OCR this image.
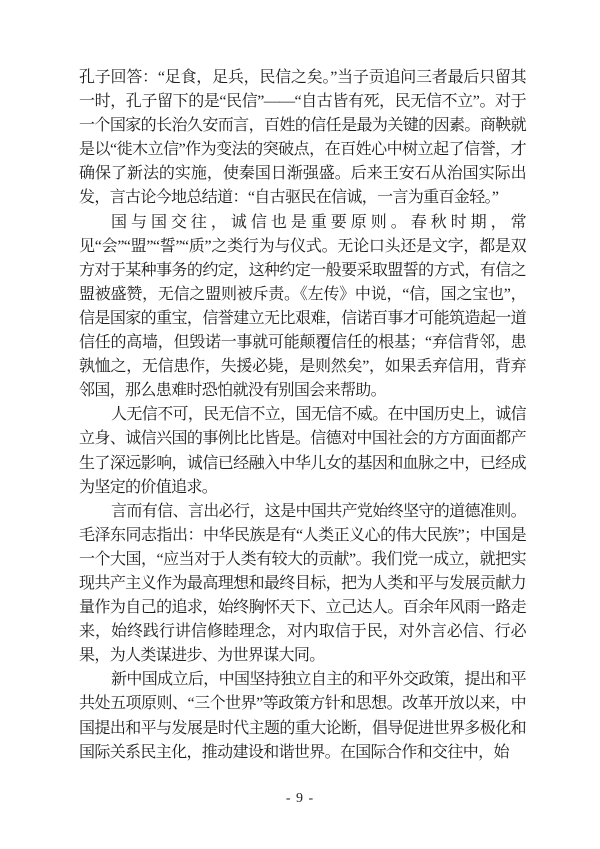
孔子回答：“足食，足兵，民信之矣。”当子贡追问三者最后只留其一时，孔子留下的是“民信”——“自古皆有死，民无信不立”。对于一个国家的长治久安而言，百姓的信任是最为关键的因素。商鞅就是以“徙木立信”作为变法的突破点，在百姓心中树立起了信誉，才确保了新法的实施，使秦国日渐强盛。后来王安石从治国实际出发，言古论今地总结道：“自古驱民在信诚，一言为重百金轻。”

国与国交往，诚信也是重要原则。春秋时期，常见“会”“盟”“誓”“质”之类行为与仪式。无论口头还是文字，都是双方对于某种事务的约定，这种约定一般要采取盟誓的方式，有信之盟被盛赞，无信之盟则被斥责。《左传》中说，“信，国之宝也”，信是国家的重宝，信誉建立无比艰难，信诺百事才可能筑造起一道信任的高墙，但毁诺一事就可能颠覆信任的根基；“弃信背邻，患孰恤之，无信患作，失援必毙，是则然矣”，如果丢弃信用，背弃邻国，那么患难时恐怕就没有别国会来帮助。

人无信不可，民无信不立，国无信不威。在中国历史上，诚信立身、诚信兴国的事例比比皆是。信德对中国社会的方方面面都产生了深远影响，诚信已经融入中华儿女的基因和血脉之中，已经成为坚定的价值追求。

言而有信、言出必行，这是中国共产党始终坚守的道德准则。毛泽东同志指出：中华民族是有“人类正义心的伟大民族”；中国是一个大国，“应当对于人类有较大的贡献”。我们党一成立，就把实现共产主义作为最高理想和最终目标，把为人类和平与发展贡献力量作为自己的追求，始终胸怀天下、立己达人。百余年风雨一路走来，始终践行讲信修睦理念，对内取信于民，对外言必信、行必果，为人类谋进步、为世界谋大同。

新中国成立后，中国坚持独立自主的和平外交政策，提出和平共处五项原则、“三个世界”等政策方针和思想。改革开放以来，中国提出和平与发展是时代主题的重大论断，倡导促进世界多极化和国际关系民主化，推动建设和谐世界。在国际合作和交往中，始

- 9 -
